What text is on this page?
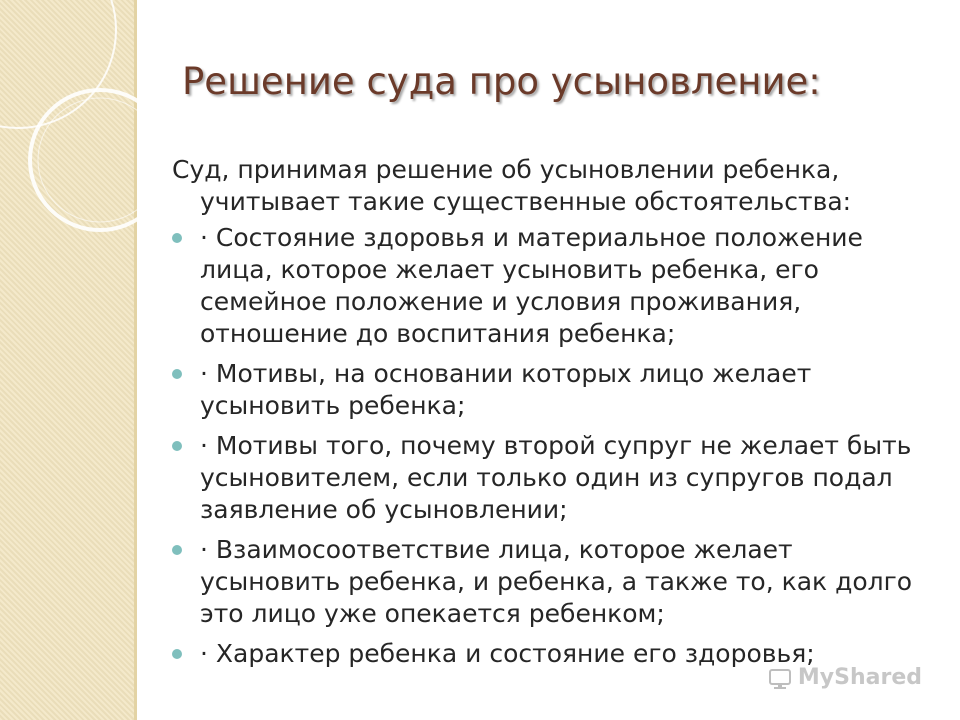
Решение суда про усыновление:

Суд, принимая решение об усыновлении ребенка, учитывает такие существенные обстоятельства:

· Состояние здоровья и материальное положение лица, которое желает усыновить ребенка, его семейное положение и условия проживания, отношение до воспитания ребенка;
· Мотивы, на основании которых лицо желает усыновить ребенка;
· Мотивы того, почему второй супруг не желает быть усыновителем, если только один из супругов подал заявление об усыновлении;
· Взаимосоответствие лица, которое желает усыновить ребенка, и ребенка, а также то, как долго это лицо уже опекается ребенком;
· Характер ребенка и состояние его здоровья;
MyShared
